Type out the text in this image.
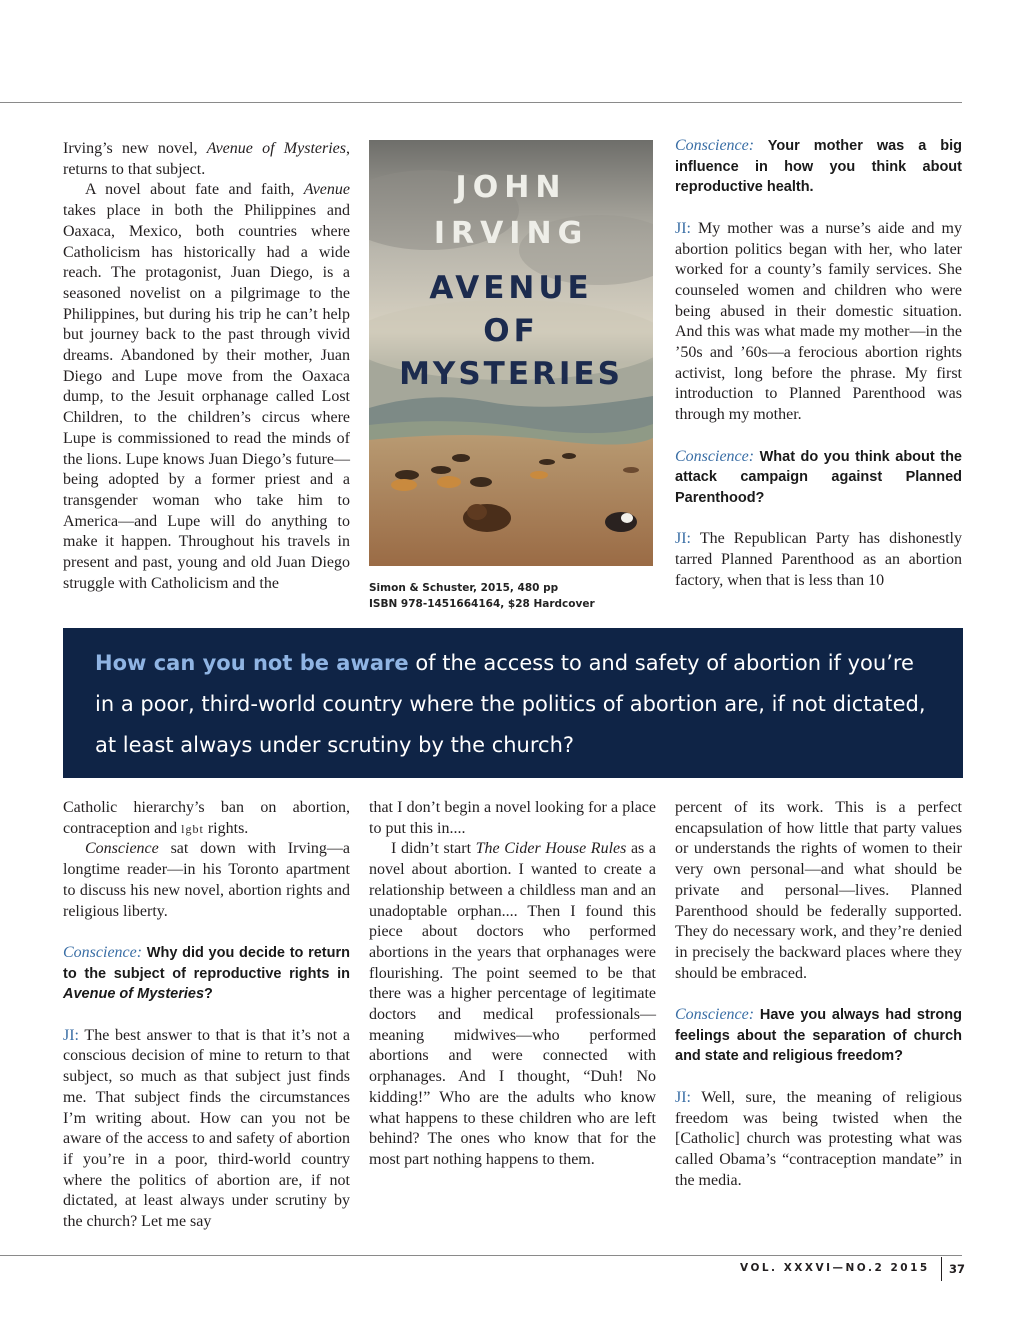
Irving’s new novel, Avenue of Mysteries, returns to that subject.

A novel about fate and faith, Avenue takes place in both the Philippines and Oaxaca, Mexico, both countries where Catholicism has historically had a wide reach. The protagonist, Juan Diego, is a seasoned novelist on a pilgrimage to the Philippines, but during his trip he can’t help but journey back to the past through vivid dreams. Abandoned by their mother, Juan Diego and Lupe move from the Oaxaca dump, to the Jesuit orphanage called Lost Children, to the children’s circus where Lupe is commissioned to read the minds of the lions. Lupe knows Juan Diego’s future—being adopted by a former priest and a transgender woman who take him to America—and Lupe will do anything to make it happen. Throughout his travels in present and past, young and old Juan Diego struggle with Catholicism and the

JOHN
IRVING
AVENUE
OF
MYSTERIES
Simon & Schuster, 2015, 480 pp
ISBN 978-1451664164, $28 Hardcover

Conscience: Your mother was a big influence in how you think about reproductive health.

JI: My mother was a nurse’s aide and my abortion politics began with her, who later worked for a county’s family services. She counseled women and children who were being abused in their domestic situation. And this was what made my mother—in the ’50s and ’60s—a ferocious abortion rights activist, long before the phrase. My first introduction to Planned Parenthood was through my mother.

Conscience: What do you think about the attack campaign against Planned Parenthood?

JI: The Republican Party has dishonestly tarred Planned Parenthood as an abortion factory, when that is less than 10

How can you not be aware of the access to and safety of abortion if you’re in a poor, third-world country where the politics of abortion are, if not dictated, at least always under scrutiny by the church?

Catholic hierarchy’s ban on abortion, contraception and lgbt rights.

Conscience sat down with Irving—a longtime reader—in his Toronto apartment to discuss his new novel, abortion rights and religious liberty.

Conscience: Why did you decide to return to the subject of reproductive rights in Avenue of Mysteries?

JI: The best answer to that is that it’s not a conscious decision of mine to return to that subject, so much as that subject just finds me. That subject finds the circumstances I’m writing about. How can you not be aware of the access to and safety of abortion if you’re in a poor, third-world country where the politics of abortion are, if not dictated, at least always under scrutiny by the church? Let me say

that I don’t begin a novel looking for a place to put this in....

I didn’t start The Cider House Rules as a novel about abortion. I wanted to create a relationship between a childless man and an unadoptable orphan.... Then I found this piece about doctors who performed abortions in the years that orphanages were flourishing. The point seemed to be that there was a higher percentage of legitimate doctors and medical professionals—meaning midwives—who performed abortions and were connected with orphanages. And I thought, “Duh! No kidding!” Who are the adults who know what happens to these children who are left behind? The ones who know that for the most part nothing happens to them.

percent of its work. This is a perfect encapsulation of how little that party values or understands the rights of women to their very own personal—and what should be private and personal—lives. Planned Parenthood should be federally supported. They do necessary work, and they’re denied in precisely the backward places where they should be embraced.

Conscience: Have you always had strong feelings about the separation of church and state and religious freedom?

JI: Well, sure, the meaning of religious freedom was being twisted when the [Catholic] church was protesting what was called Obama’s “contraception mandate” in the media.

VOL. XXXVI—NO.2 2015 37
